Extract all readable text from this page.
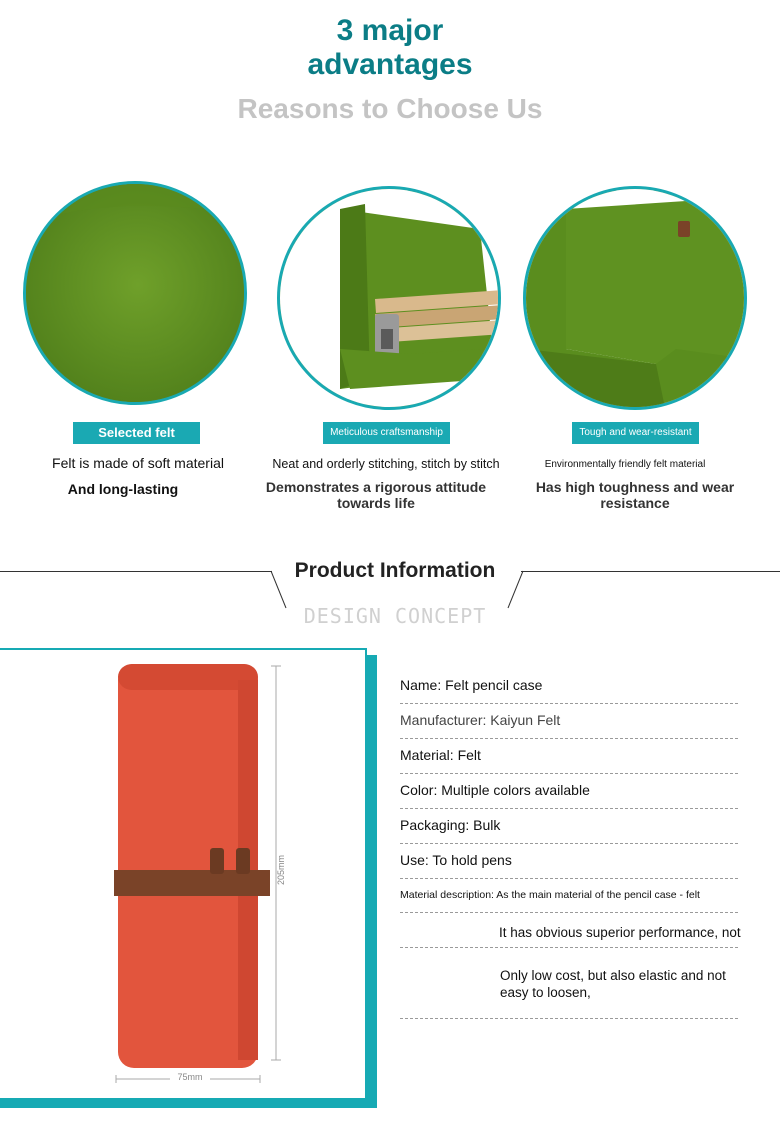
3 major
advantages
Reasons to Choose Us
Selected felt	Meticulous craftsmanship	Tough and wear-resistant
Felt is made of soft material
And long-lasting
Neat and orderly stitching, stitch by stitch
Demonstrates a rigorous attitude towards life
Environmentally friendly felt material
Has high toughness and wear resistance
Product Information
DESIGN CONCEPT
205mm
75mm
Name: Felt pencil case
Manufacturer: Kaiyun Felt
Material: Felt
Color: Multiple colors available
Packaging: Bulk
Use: To hold pens
Material description: As the main material of the pencil case - felt
It has obvious superior performance, not
Only low cost, but also elastic and not easy to loosen,
